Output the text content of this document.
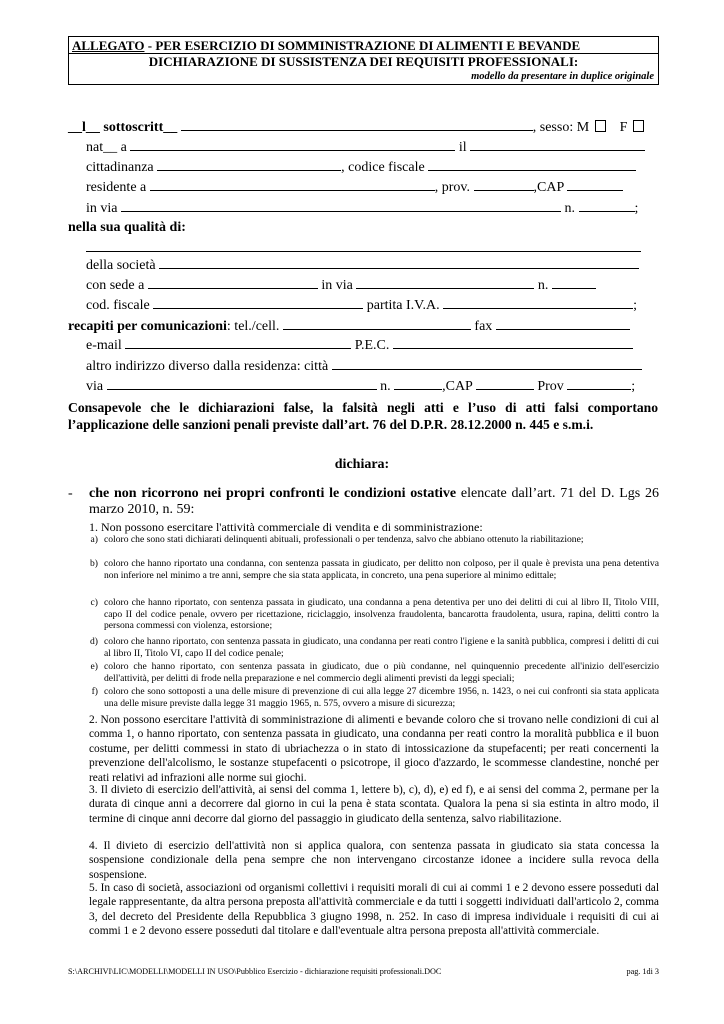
ALLEGATO - PER ESERCIZIO DI SOMMINISTRAZIONE DI ALIMENTI E BEVANDE
DICHIARAZIONE DI SUSSISTENZA DEI REQUISITI PROFESSIONALI:
modello da presentare in duplice originale
__l__ sottoscritt__	, sesso: M F
nat__ a	il
cittadinanza	, codice fiscale
residente a	, prov.	,CAP
in via	n.	;
nella sua qualità di:
della società
con sede a	in via	n.
cod. fiscale	partita I.V.A.	;
recapiti per comunicazioni: tel./cell.	fax
e-mail	P.E.C.
altro indirizzo diverso dalla residenza: città
via	n.	,CAP	Prov	;
Consapevole che le dichiarazioni false, la falsità negli atti e l’uso di atti falsi comportano l’applicazione delle sanzioni penali previste dall’art. 76 del D.P.R. 28.12.2000 n. 445 e s.m.i.
dichiara:
- che non ricorrono nei propri confronti le condizioni ostative elencate dall’art. 71 del D. Lgs 26 marzo 2010, n. 59:
1. Non possono esercitare l'attività commerciale di vendita e di somministrazione:
a) coloro che sono stati dichiarati delinquenti abituali, professionali o per tendenza, salvo che abbiano ottenuto la riabilitazione;
b) coloro che hanno riportato una condanna, con sentenza passata in giudicato, per delitto non colposo, per il quale è prevista una pena detentiva non inferiore nel minimo a tre anni, sempre che sia stata applicata, in concreto, una pena superiore al minimo edittale;
c) coloro che hanno riportato, con sentenza passata in giudicato, una condanna a pena detentiva per uno dei delitti di cui al libro II, Titolo VIII, capo II del codice penale, ovvero per ricettazione, riciclaggio, insolvenza fraudolenta, bancarotta fraudolenta, usura, rapina, delitti contro la persona commessi con violenza, estorsione;
d) coloro che hanno riportato, con sentenza passata in giudicato, una condanna per reati contro l'igiene e la sanità pubblica, compresi i delitti di cui al libro II, Titolo VI, capo II del codice penale;
e) coloro che hanno riportato, con sentenza passata in giudicato, due o più condanne, nel quinquennio precedente all'inizio dell'esercizio dell'attività, per delitti di frode nella preparazione e nel commercio degli alimenti previsti da leggi speciali;
f) coloro che sono sottoposti a una delle misure di prevenzione di cui alla legge 27 dicembre 1956, n. 1423, o nei cui confronti sia stata applicata una delle misure previste dalla legge 31 maggio 1965, n. 575, ovvero a misure di sicurezza;
2. Non possono esercitare l'attività di somministrazione di alimenti e bevande coloro che si trovano nelle condizioni di cui al comma 1, o hanno riportato, con sentenza passata in giudicato, una condanna per reati contro la moralità pubblica e il buon costume, per delitti commessi in stato di ubriachezza o in stato di intossicazione da stupefacenti; per reati concernenti la prevenzione dell'alcolismo, le sostanze stupefacenti o psicotrope, il gioco d'azzardo, le scommesse clandestine, nonché per reati relativi ad infrazioni alle norme sui giochi.
3. Il divieto di esercizio dell'attività, ai sensi del comma 1, lettere b), c), d), e) ed f), e ai sensi del comma 2, permane per la durata di cinque anni a decorrere dal giorno in cui la pena è stata scontata. Qualora la pena si sia estinta in altro modo, il termine di cinque anni decorre dal giorno del passaggio in giudicato della sentenza, salvo riabilitazione.
4. Il divieto di esercizio dell'attività non si applica qualora, con sentenza passata in giudicato sia stata concessa la sospensione condizionale della pena sempre che non intervengano circostanze idonee a incidere sulla revoca della sospensione.
5. In caso di società, associazioni od organismi collettivi i requisiti morali di cui ai commi 1 e 2 devono essere posseduti dal legale rappresentante, da altra persona preposta all'attività commerciale e da tutti i soggetti individuati dall'articolo 2, comma 3, del decreto del Presidente della Repubblica 3 giugno 1998, n. 252. In caso di impresa individuale i requisiti di cui ai commi 1 e 2 devono essere posseduti dal titolare e dall'eventuale altra persona preposta all'attività commerciale.
S:\ARCHIVI\LIC\MODELLI\MODELLI IN USO\Pubblico Esercizio - dichiarazione requisiti professionali.DOC	pag. 1di 3
